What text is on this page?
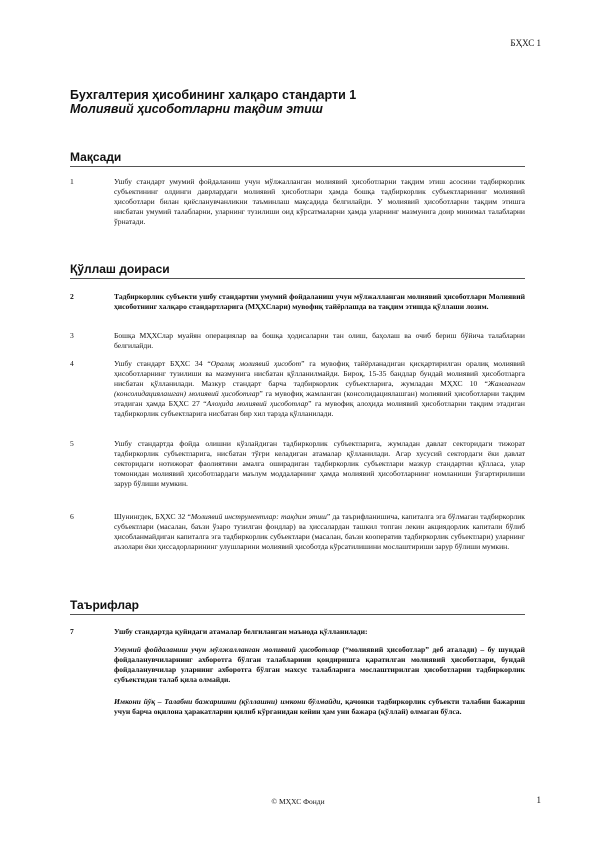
БҲХС 1

Бухгалтерия ҳисобининг халқаро стандарти 1

Молиявий ҳисоботларни тақдим этиш

Мақсади
1	Ушбу стандарт умумий фойдаланиш учун мўлжалланган молиявий ҳисоботларни тақдим этиш асосини тадбиркорлик субъектининг олдинги даврлардаги молиявий ҳисоботлари ҳамда бошқа тадбиркорлик субъектларининг молиявий ҳисоботлари билан қиёсланувчанликни таъминлаш мақсадида белгилайди. У молиявий ҳисоботларни тақдим этишга нисбатан умумий талабларни, уларнинг тузилиши оид кўрсатмаларни ҳамда уларнинг мазмунига доир минимал талабларни ўрнатади.
Қўллаш доираси
2	Тадбиркорлик субъекти ушбу стандартни умумий фойдаланиш учун мўлжалланган молиявий ҳисоботлари Молиявий ҳисоботнинг халқаро стандартларига (МҲХСлари) мувофиқ тайёрлашда ва тақдим этишда қўллаши лозим.
3	Бошқа МҲХСлар муайян операциялар ва бошқа ҳодисаларни тан олиш, баҳолаш ва очиб бериш бўйича талабларни белгилайди.
4	Ушбу стандарт БҲХС 34 “Оралиқ молиявий ҳисобот” га мувофиқ тайёрланадиган қисқартирилган оралиқ молиявий ҳисоботларнинг тузилиши ва мазмунига нисбатан қўлланилмайди. Бироқ, 15-35 бандлар бундай молиявий ҳисоботларга нисбатан қўлланилади. Мазкур стандарт барча тадбиркорлик субъектларига, жумладан МҲХС 10 “Жамланган (консолидациялашган) молиявий ҳисоботлар” га мувофиқ жамланган (консолидациялашган) молиявий ҳисоботларни тақдим этадиган ҳамда БҲХС 27 “Алоҳида молиявий ҳисоботлар” га мувофиқ алоҳида молиявий ҳисоботларни тақдим этадиган тадбиркорлик субъектларига нисбатан бир хил тарзда қўлланилади.
5	Ушбу стандартда фойда олишни кўзлайдиган тадбиркорлик субъектларига, жумладан давлат секторидаги тижорат тадбиркорлик субъектларига, нисбатан тўғри келадиган атамалар қўлланилади. Агар хусусий сектордаги ёки давлат секторидаги нотижорат фаолиятини амалга оширадиган тадбиркорлик субъектлари мазкур стандартни қўлласа, улар томонидан молиявий ҳисоботлардаги маълум моддаларнинг ҳамда молиявий ҳисоботларнинг номланиши ўзгартирилиши зарур бўлиши мумкин.
6	Шунингдек, БҲХС 32 “Молиявий инструментлар: тақдим этиш” да таърифланишича, капиталга эга бўлмаган тадбиркорлик субъектлари (масалан, баъзи ўзаро тузилган фондлар) ва ҳиссалардан ташкил топган лекин акциядорлик капитали бўлиб ҳисобланмайдиган капиталга эга тадбиркорлик субъектлари (масалан, баъзи кооператив тадбиркорлик субъектлари) уларнинг аъзолари ёки ҳиссадорларининг улушларини молиявий ҳисоботда кўрсатилишини мослаштириши зарур бўлиши мумкин.
Таърифлар
7	Ушбу стандартда қуйидаги атамалар белгиланган маънода қўлланилади:
Умумий фойдаланиш учун мўлжалланган молиявий ҳисоботлар (“молиявий ҳисоботлар” деб аталади) – бу шундай фойдаланувчиларнинг ахборотга бўлган талабларини қондиришга қаратилган молиявий ҳисоботлари, бундай фойдаланувчилар уларнинг ахборотга бўлган махсус талабларига мослаштирилган ҳисоботларни тадбиркорлик субъектидан талаб қила олмайди.
Имкони йўқ – Талабни бажаришни (қўллашни) имкони бўлмайди, қачонки тадбиркорлик субъекти талабни бажариш учун барча оқилона ҳаракатларни қилиб кўрганидан кейин ҳам уни бажара (қўллай) олмаган бўлса.
© МҲХС Фонди	1
